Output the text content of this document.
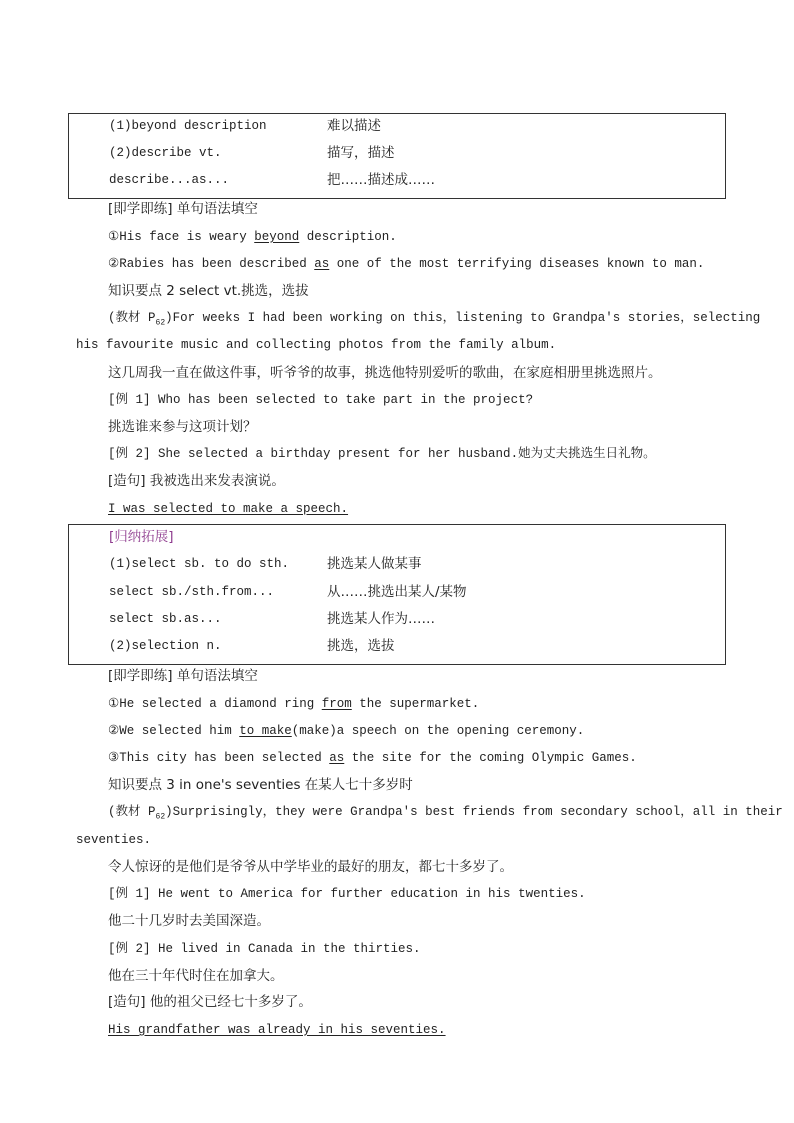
(1)beyond description	难以描述
(2)describe vt.	描写，描述
describe...as...	把……描述成……
[即学即练] 单句语法填空
①His face is weary beyond description.
②Rabies has been described as one of the most terrifying diseases known to man.
知识要点 2 select vt.挑选，选拔
(教材 $P_{62})For$ weeks I had been working on this，listening to Grandpa's stories，selecting
his favourite music and collecting photos from the family album.
这几周我一直在做这件事，听爷爷的故事，挑选他特别爱听的歌曲，在家庭相册里挑选照片。
[例 1] Who has been selected to take part in the project?
挑选谁来参与这项计划？
[例 2] She selected a birthday present for her husband.她为丈夫挑选生日礼物。
[造句] 我被选出来发表演说。
I was selected to make a speech.
[归纳拓展]
(1)select sb. to do sth.	挑选某人做某事
select sb./sth.from...	从……挑选出某人/某物
select sb.as...	挑选某人作为……
(2)selection n.	挑选，选拔
[即学即练] 单句语法填空
①He selected a diamond ring from the supermarket.
②We selected him to make(make)a speech on the opening ceremony.
③This city has been selected as the site for the coming Olympic Games.
知识要点 3 in one's seventies 在某人七十多岁时
(教材 $P_{62})Surprisingly$，they were Grandpa's best friends from secondary school，all in their
seventies.
令人惊讶的是他们是爷爷从中学毕业的最好的朋友，都七十多岁了。
[例 1] He went to America for further education in his twenties.
他二十几岁时去美国深造。
[例 2] He lived in Canada in the thirties.
他在三十年代时住在加拿大。
[造句] 他的祖父已经七十多岁了。
His grandfather was already in his seventies.
